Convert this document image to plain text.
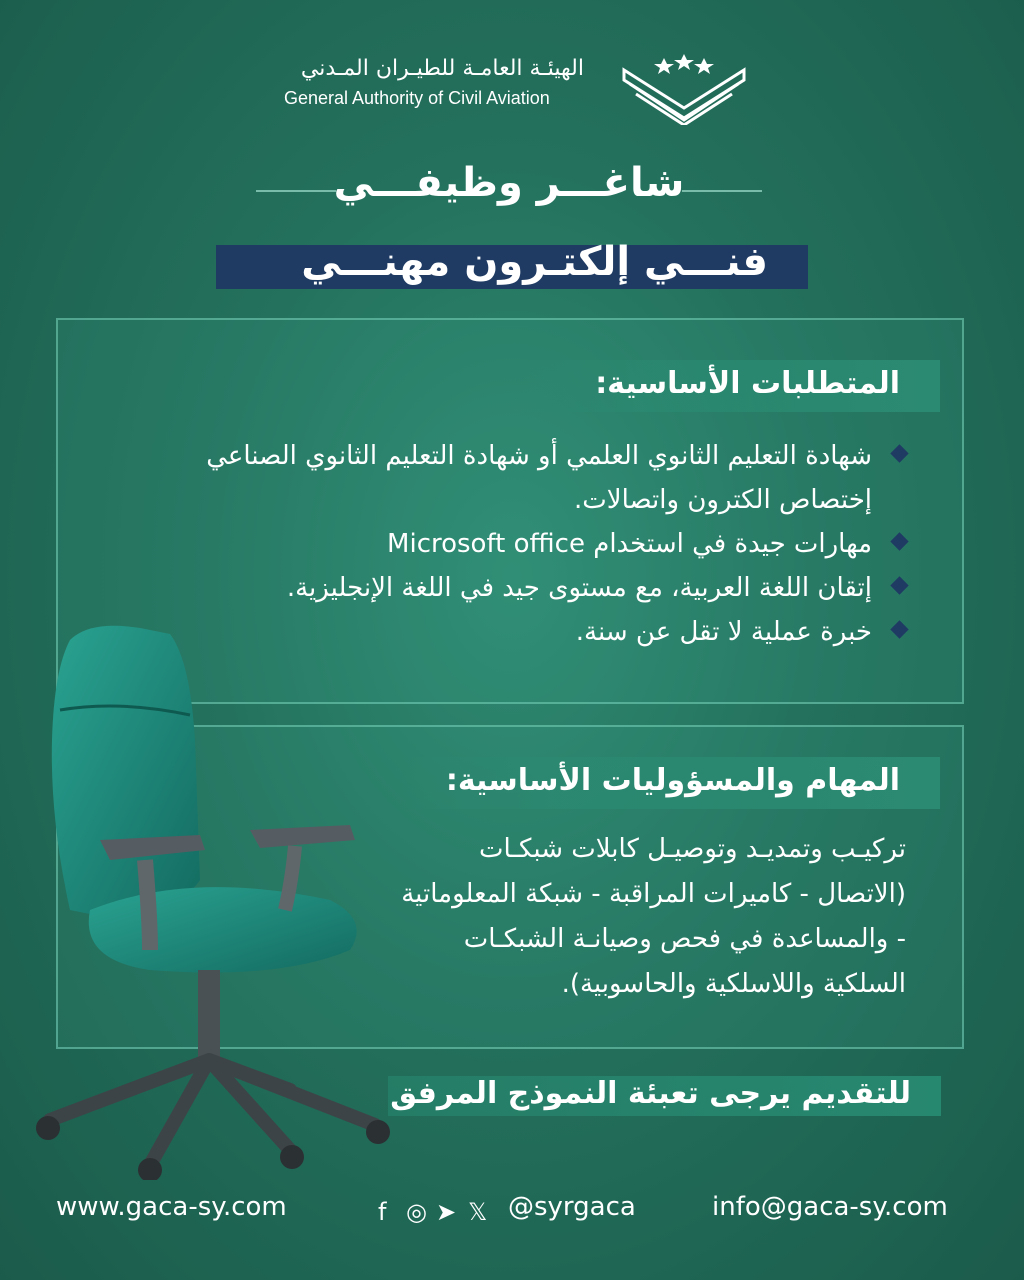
الهيئـة العامـة للطيـران المـدني
General Authority of Civil Aviation
شاغـــر وظيفـــي
فنـــي إلكتـرون مهنـــي
المتطلبات الأساسية:
شهادة التعليم الثانوي العلمي أو شهادة التعليم الثانوي الصناعي إختصاص الكترون واتصالات.
مهارات جيدة في استخدام Microsoft office
إتقان اللغة العربية، مع مستوى جيد في اللغة الإنجليزية.
خبرة عملية لا تقل عن سنة.
المهام والمسؤوليات الأساسية:
تركيـب وتمديـد وتوصيـل كابلات شبكـات
(الاتصال - كاميرات المراقبة - شبكة المعلوماتية
- والمساعدة في فحص وصيانـة الشبكـات
السلكية واللاسلكية والحاسوبية).
للتقديم يرجى تعبئة النموذج المرفق
www.gaca-sy.com	f ◎ ➤ 𝕏 @syrgaca	info@gaca-sy.com
